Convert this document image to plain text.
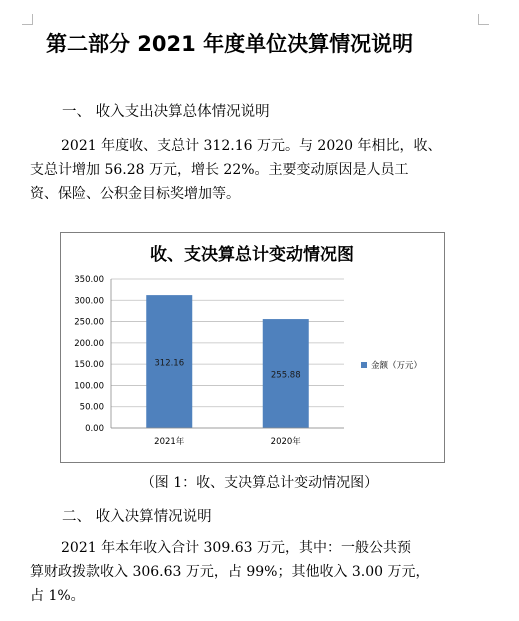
第二部分 2021 年度单位决算情况说明
一、 收入支出决算总体情况说明
2021 年度收、支总计 312.16 万元。与 2020 年相比，收、
支总计增加 56.28 万元，增长 22%。主要变动原因是人员工
资、保险、公积金目标奖增加等。
收、支决算总计变动情况图
312.16
255.88
0.00
50.00
100.00
150.00
200.00
250.00
300.00
350.00
2021年	2020年
金额（万元）
（图 1：收、支决算总计变动情况图）
二、 收入决算情况说明
2021 年本年收入合计 309.63 万元，其中：一般公共预
算财政拨款收入 306.63 万元，占 99%；其他收入 3.00 万元，
占 1%。
